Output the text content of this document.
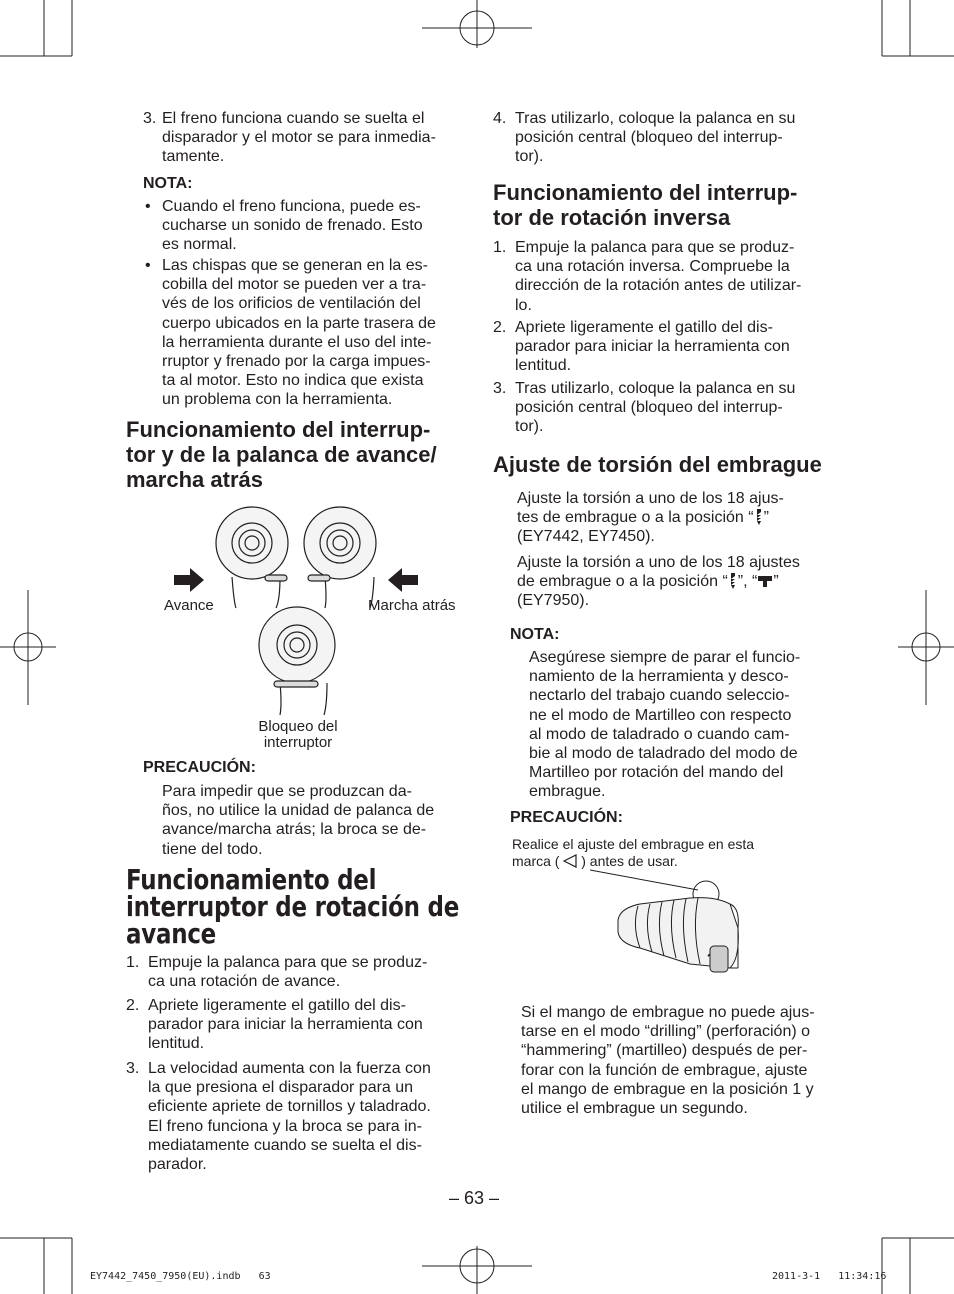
3. El freno funciona cuando se suelta el

disparador y el motor se para inmedia-

tamente.

NOTA:
• Cuando el freno funciona, puede es-

cucharse un sonido de frenado. Esto

es normal.

• Las chispas que se generan en la es-

cobilla del motor se pueden ver a tra-

vés de los orificios de ventilación del

cuerpo ubicados en la parte trasera de

la herramienta durante el uso del inte-

rruptor y frenado por la carga impues-

ta al motor. Esto no indica que exista

un problema con la herramienta.

Funcionamiento del interrup-

tor y de la palanca de avance/

marcha atrás

Avance	Marcha atrás
Bloqueo del
interruptor
PRECAUCIÓN:

Para impedir que se produzcan da-

ños, no utilice la unidad de palanca de

avance/marcha atrás; la broca se de-

tiene del todo.

Funcionamiento del

interruptor de rotación de

avance

1. Empuje la palanca para que se produz-

ca una rotación de avance.

2. Apriete ligeramente el gatillo del dis-

parador para iniciar la herramienta con

lentitud.

3. La velocidad aumenta con la fuerza con

la que presiona el disparador para un

eficiente apriete de tornillos y taladrado.

El freno funciona y la broca se para in-

mediatamente cuando se suelta el dis-

parador.

4. Tras utilizarlo, coloque la palanca en su

posición central (bloqueo del interrup-

tor).

Funcionamiento del interrup-

tor de rotación inversa

1. Empuje la palanca para que se produz-

ca una rotación inversa. Compruebe la

dirección de la rotación antes de utilizar-

lo.

2. Apriete ligeramente el gatillo del dis-

parador para iniciar la herramienta con

lentitud.

3. Tras utilizarlo, coloque la palanca en su

posición central (bloqueo del interrup-

tor).

Ajuste de torsión del embrague

Ajuste la torsión a uno de los 18 ajus-

tes de embrague o a la posición “ ”

(EY7442, EY7450).

Ajuste la torsión a uno de los 18 ajustes

de embrague o a la posición “ ”, “ ”

(EY7950).

NOTA:

Asegúrese siempre de parar el funcio-

namiento de la herramienta y desco-

nectarlo del trabajo cuando seleccio-

ne el modo de Martilleo con respecto

al modo de taladrado o cuando cam-

bie al modo de taladrado del modo de

Martilleo por rotación del mando del

embrague.

PRECAUCIÓN:
Realice el ajuste del embrague en esta
marca ( ) antes de usar.

Si el mango de embrague no puede ajus-

tarse en el modo “drilling” (perforación) o

“hammering” (martilleo) después de per-

forar con la función de embrague, ajuste

el mango de embrague en la posición 1 y

utilice el embrague un segundo.

– 63 –
EY7442_7450_7950(EU).indb   63	2011-3-1   11:34:16
